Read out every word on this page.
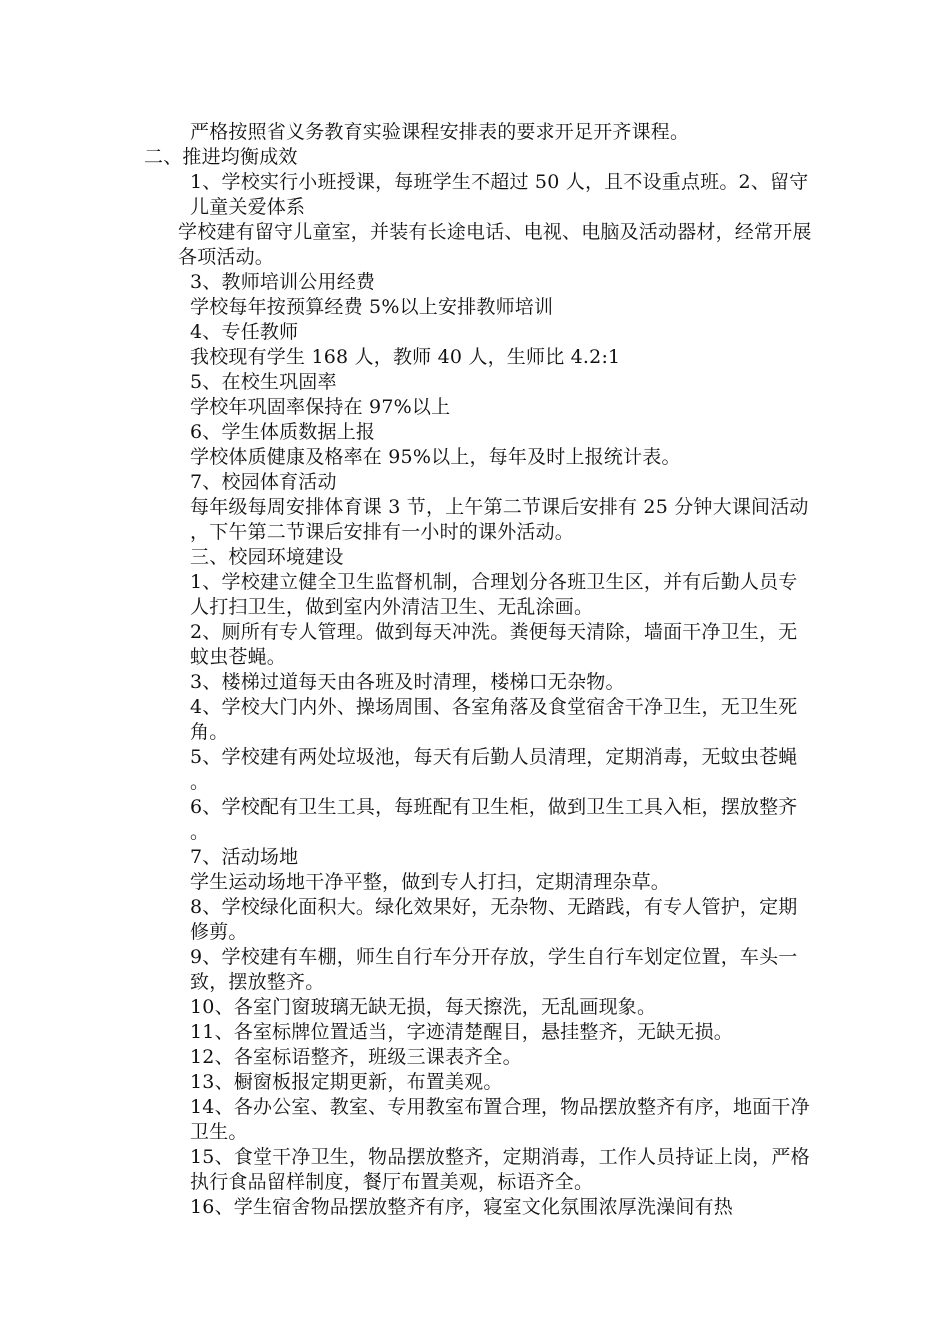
严格按照省义务教育实验课程安排表的要求开足开齐课程。

二、推进均衡成效

1、学校实行小班授课，每班学生不超过 50 人，且不设重点班。2、留守儿童关爱体系

学校建有留守儿童室，并装有长途电话、电视、电脑及活动器材，经常开展各项活动。

3、教师培训公用经费

学校每年按预算经费 5%以上安排教师培训

4、专任教师

我校现有学生 168 人，教师 40 人，生师比 4.2:1

5、在校生巩固率

学校年巩固率保持在 97%以上

6、学生体质数据上报

学校体质健康及格率在 95%以上，每年及时上报统计表。

7、校园体育活动

每年级每周安排体育课 3 节，上午第二节课后安排有 25 分钟大课间活动，下午第二节课后安排有一小时的课外活动。

三、校园环境建设

1、学校建立健全卫生监督机制，合理划分各班卫生区，并有后勤人员专人打扫卫生，做到室内外清洁卫生、无乱涂画。

2、厕所有专人管理。做到每天冲洗。粪便每天清除，墙面干净卫生，无蚊虫苍蝇。

3、楼梯过道每天由各班及时清理，楼梯口无杂物。

4、学校大门内外、操场周围、各室角落及食堂宿舍干净卫生，无卫生死角。

5、学校建有两处垃圾池，每天有后勤人员清理，定期消毒，无蚊虫苍蝇。

6、学校配有卫生工具，每班配有卫生柜，做到卫生工具入柜，摆放整齐。

7、活动场地

学生运动场地干净平整，做到专人打扫，定期清理杂草。

8、学校绿化面积大。绿化效果好，无杂物、无踏践，有专人管护，定期修剪。

9、学校建有车棚，师生自行车分开存放，学生自行车划定位置，车头一致，摆放整齐。

10、各室门窗玻璃无缺无损，每天擦洗，无乱画现象。

11、各室标牌位置适当，字迹清楚醒目，悬挂整齐，无缺无损。

12、各室标语整齐，班级三课表齐全。

13、橱窗板报定期更新，布置美观。

14、各办公室、教室、专用教室布置合理，物品摆放整齐有序，地面干净卫生。

15、食堂干净卫生，物品摆放整齐，定期消毒，工作人员持证上岗，严格执行食品留样制度，餐厅布置美观，标语齐全。

16、学生宿舍物品摆放整齐有序，寝室文化氛围浓厚洗澡间有热
